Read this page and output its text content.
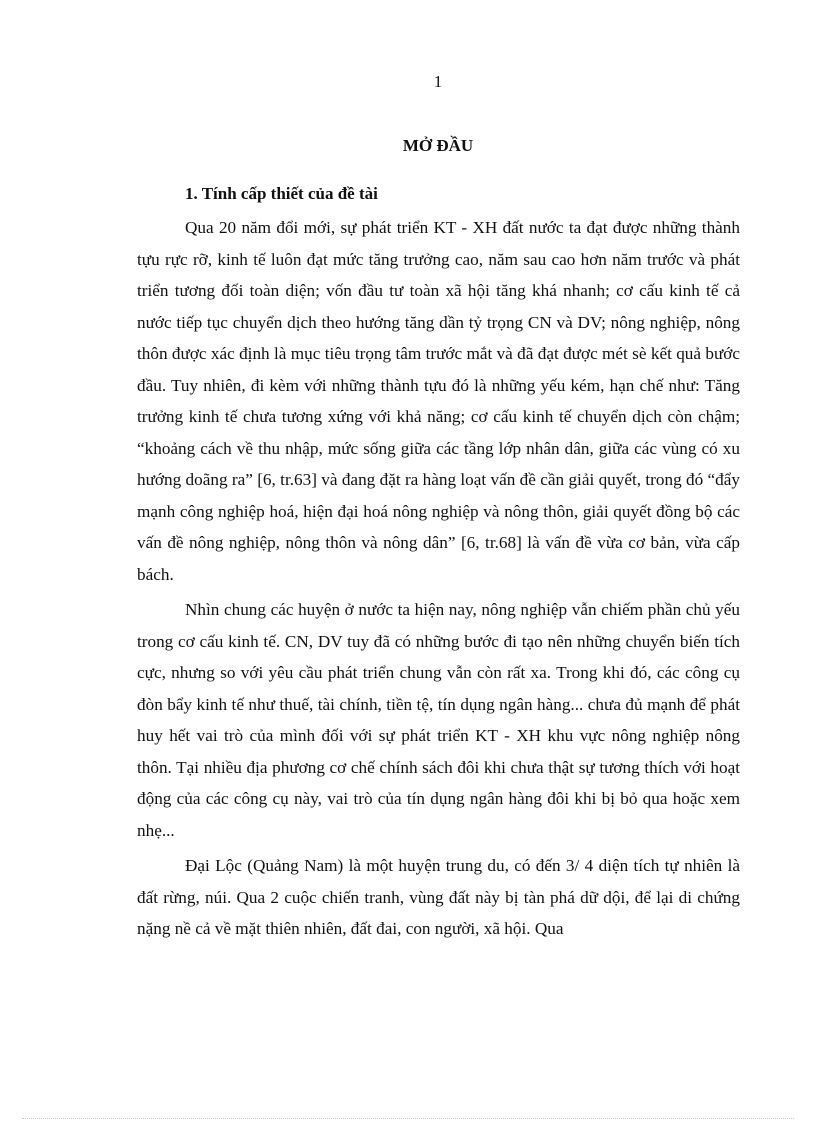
1
MỞ ĐẦU
1. Tính cấp thiết của đề tài

Qua 20 năm đổi mới, sự phát triển KT - XH đất nước ta đạt được những thành tựu rực rỡ, kinh tế luôn đạt mức tăng trưởng cao, năm sau cao hơn năm trước và phát triển tương đối toàn diện; vốn đầu tư toàn xã hội tăng khá nhanh; cơ cấu kinh tế cả nước tiếp tục chuyển dịch theo hướng tăng dần tỷ trọng CN và DV; nông nghiệp, nông thôn được xác định là mục tiêu trọng tâm trước mắt và đã đạt được mét sè kết quả bước đầu. Tuy nhiên, đi kèm với những thành tựu đó là những yếu kém, hạn chế như: Tăng trưởng kinh tế chưa tương xứng với khả năng; cơ cấu kinh tế chuyển dịch còn chậm; “khoảng cách về thu nhập, mức sống giữa các tầng lớp nhân dân, giữa các vùng có xu hướng doãng ra” [6, tr.63] và đang đặt ra hàng loạt vấn đề cần giải quyết, trong đó “đẩy mạnh công nghiệp hoá, hiện đại hoá nông nghiệp và nông thôn, giải quyết đồng bộ các vấn đề nông nghiệp, nông thôn và nông dân” [6, tr.68] là vấn đề vừa cơ bản, vừa cấp bách.

Nhìn chung các huyện ở nước ta hiện nay, nông nghiệp vẫn chiếm phần chủ yếu trong cơ cấu kinh tế. CN, DV tuy đã có những bước đi tạo nên những chuyển biến tích cực, nhưng so với yêu cầu phát triển chung vẫn còn rất xa. Trong khi đó, các công cụ đòn bẩy kinh tế như thuế, tài chính, tiền tệ, tín dụng ngân hàng... chưa đủ mạnh để phát huy hết vai trò của mình đối với sự phát triển KT - XH khu vực nông nghiệp nông thôn. Tại nhiều địa phương cơ chế chính sách đôi khi chưa thật sự tương thích với hoạt động của các công cụ này, vai trò của tín dụng ngân hàng đôi khi bị bỏ qua hoặc xem nhẹ...

Đại Lộc (Quảng Nam) là một huyện trung du, có đến 3/ 4 diện tích tự nhiên là đất rừng, núi. Qua 2 cuộc chiến tranh, vùng đất này bị tàn phá dữ dội, để lại di chứng nặng nề cả về mặt thiên nhiên, đất đai, con người, xã hội. Qua
